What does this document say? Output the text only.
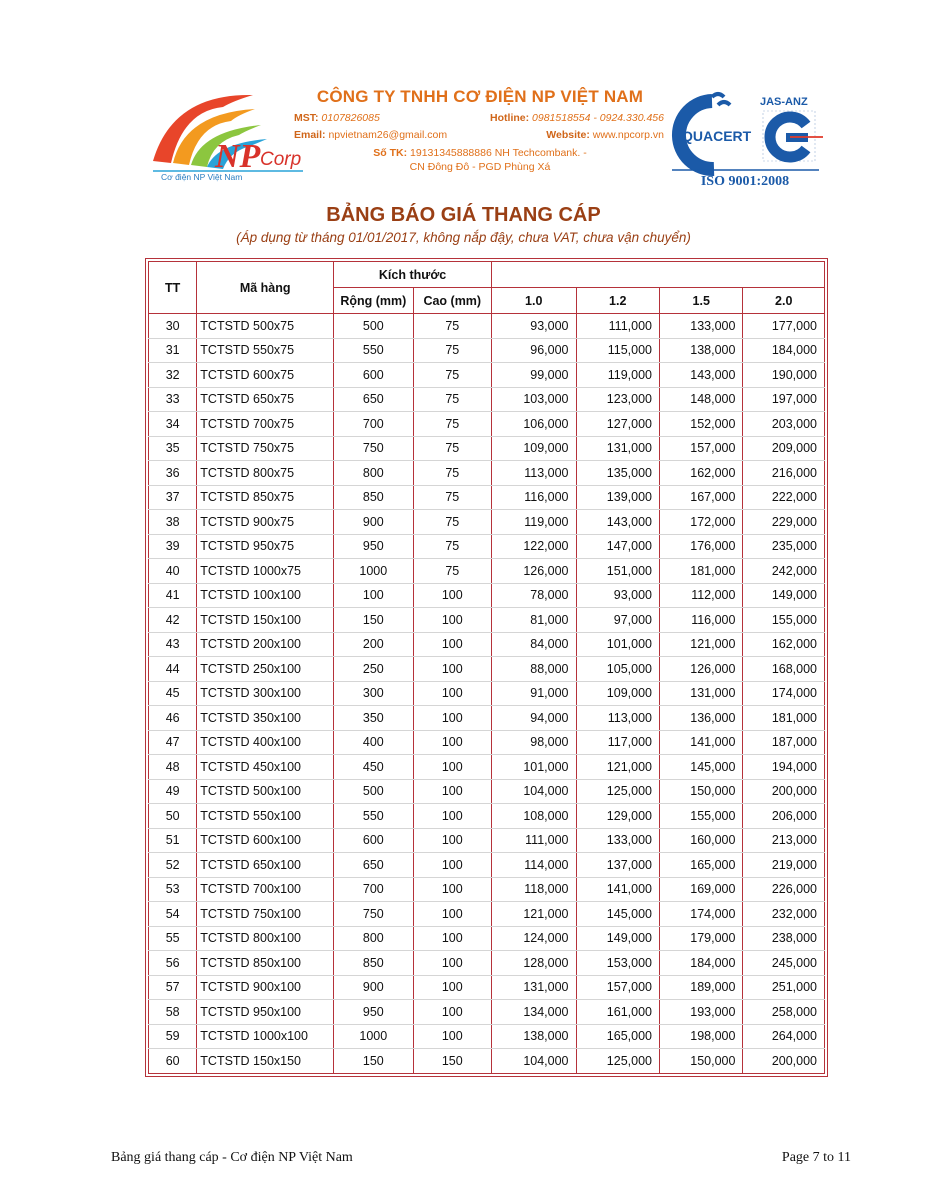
NP Corp
Cơ điện NP Việt Nam
CÔNG TY TNHH CƠ ĐIỆN NP VIỆT NAM
MST: 0107826085	Hotline: 0981518554 - 0924.330.456
Email: npvietnam26@gmail.com	Website: www.npcorp.vn
Số TK: 19131345888886 NH Techcombank. -
CN Đông Đô - PGD Phùng Xá
QUACERT
JAS-ANZ
ISO 9001:2008
BẢNG BÁO GIÁ THANG CÁP
(Áp dụng từ tháng 01/01/2017, không nắp đậy, chưa VAT, chưa vận chuyển)
TT	Mã hàng	Kích thước					
		Rộng (mm)	Cao (mm)	1.0	1.2	1.5	2.0
30	TCTSTD 500x75	500	75	93,000	111,000	133,000	177,000
31	TCTSTD 550x75	550	75	96,000	115,000	138,000	184,000
32	TCTSTD 600x75	600	75	99,000	119,000	143,000	190,000
33	TCTSTD 650x75	650	75	103,000	123,000	148,000	197,000
34	TCTSTD 700x75	700	75	106,000	127,000	152,000	203,000
35	TCTSTD 750x75	750	75	109,000	131,000	157,000	209,000
36	TCTSTD 800x75	800	75	113,000	135,000	162,000	216,000
37	TCTSTD 850x75	850	75	116,000	139,000	167,000	222,000
38	TCTSTD 900x75	900	75	119,000	143,000	172,000	229,000
39	TCTSTD 950x75	950	75	122,000	147,000	176,000	235,000
40	TCTSTD 1000x75	1000	75	126,000	151,000	181,000	242,000
41	TCTSTD 100x100	100	100	78,000	93,000	112,000	149,000
42	TCTSTD 150x100	150	100	81,000	97,000	116,000	155,000
43	TCTSTD 200x100	200	100	84,000	101,000	121,000	162,000
44	TCTSTD 250x100	250	100	88,000	105,000	126,000	168,000
45	TCTSTD 300x100	300	100	91,000	109,000	131,000	174,000
46	TCTSTD 350x100	350	100	94,000	113,000	136,000	181,000
47	TCTSTD 400x100	400	100	98,000	117,000	141,000	187,000
48	TCTSTD 450x100	450	100	101,000	121,000	145,000	194,000
49	TCTSTD 500x100	500	100	104,000	125,000	150,000	200,000
50	TCTSTD 550x100	550	100	108,000	129,000	155,000	206,000
51	TCTSTD 600x100	600	100	111,000	133,000	160,000	213,000
52	TCTSTD 650x100	650	100	114,000	137,000	165,000	219,000
53	TCTSTD 700x100	700	100	118,000	141,000	169,000	226,000
54	TCTSTD 750x100	750	100	121,000	145,000	174,000	232,000
55	TCTSTD 800x100	800	100	124,000	149,000	179,000	238,000
56	TCTSTD 850x100	850	100	128,000	153,000	184,000	245,000
57	TCTSTD 900x100	900	100	131,000	157,000	189,000	251,000
58	TCTSTD 950x100	950	100	134,000	161,000	193,000	258,000
59	TCTSTD 1000x100	1000	100	138,000	165,000	198,000	264,000
60	TCTSTD 150x150	150	150	104,000	125,000	150,000	200,000
Bảng giá thang cáp - Cơ điện NP Việt Nam	Page 7 to 11
